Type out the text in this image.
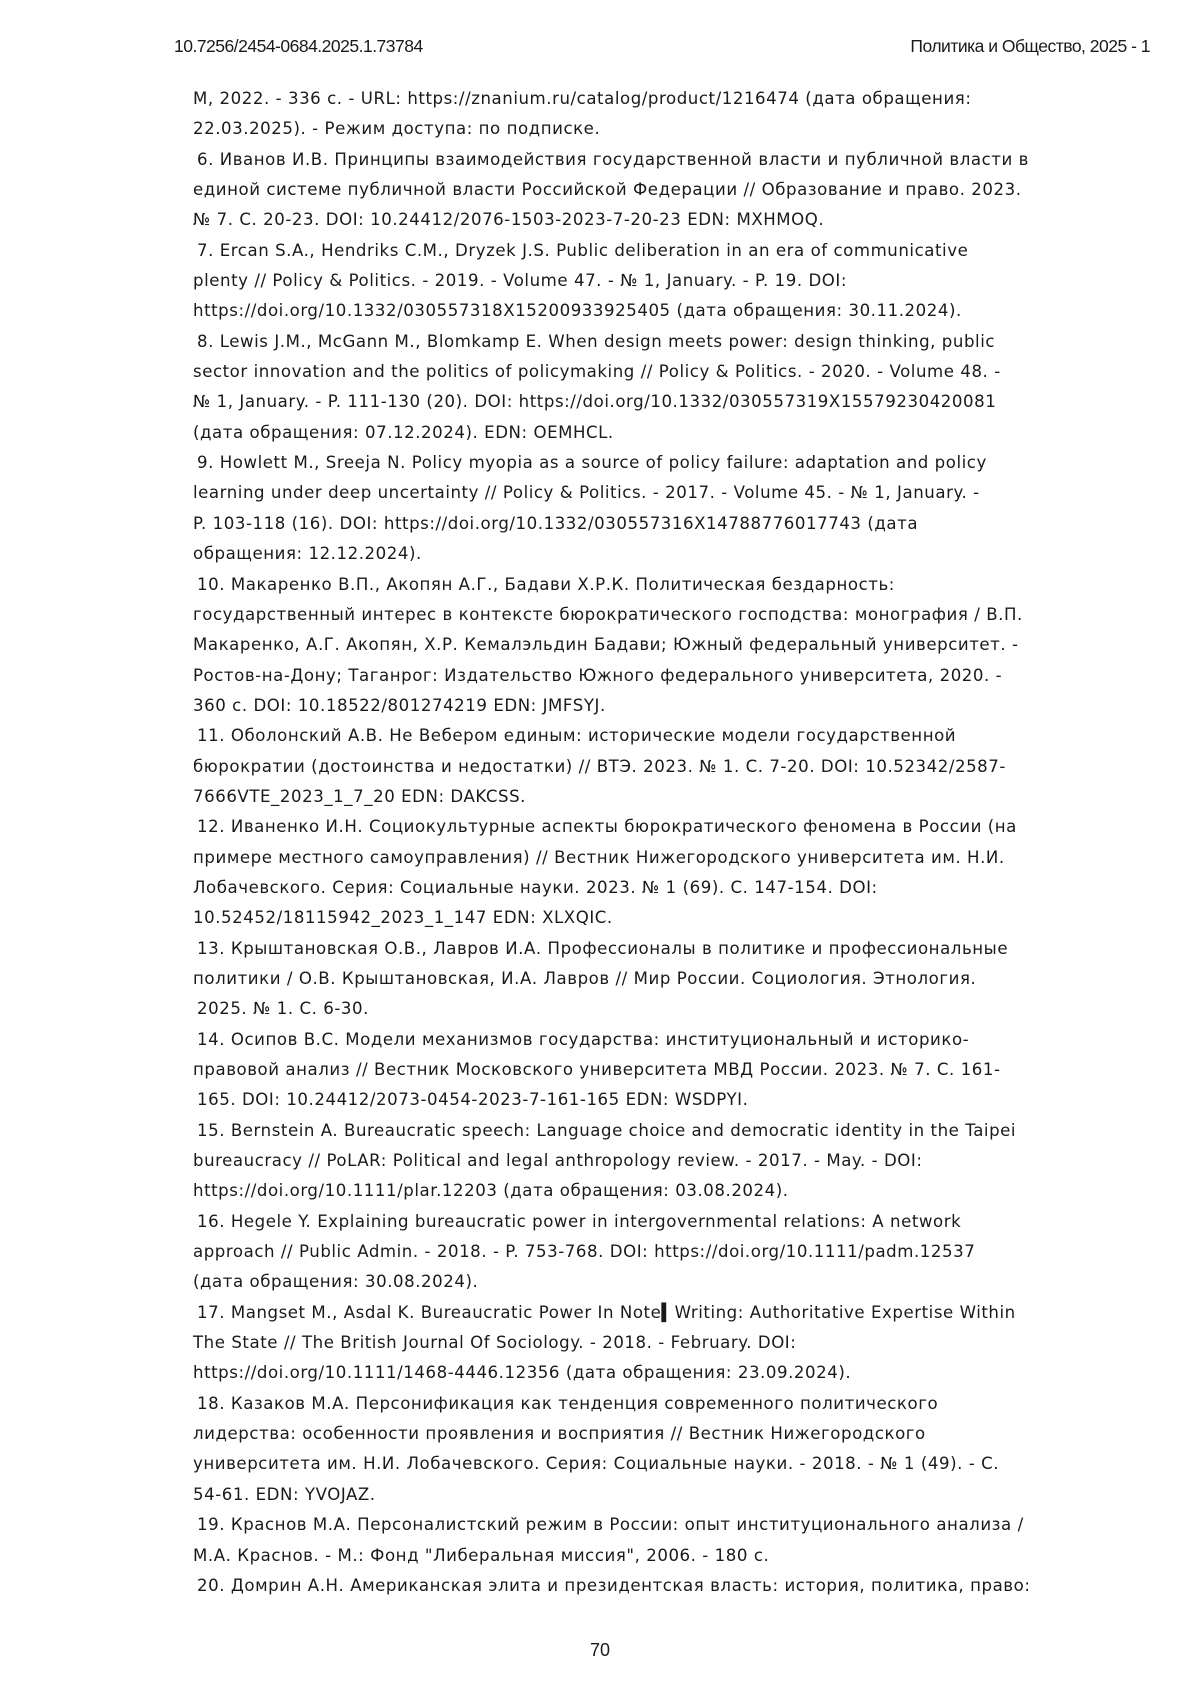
10.7256/2454-0684.2025.1.73784	Политика и Общество, 2025 - 1
М, 2022. - 336 с. - URL: https://znanium.ru/catalog/product/1216474 (дата обращения:
22.03.2025). - Режим доступа: по подписке.
6. Иванов И.В. Принципы взаимодействия государственной власти и публичной власти в
единой системе публичной власти Российской Федерации // Образование и право. 2023.
№ 7. С. 20-23. DOI: 10.24412/2076-1503-2023-7-20-23 EDN: MXHMOQ.
7. Ercan S.A., Hendriks C.M., Dryzek J.S. Public deliberation in an era of communicative
plenty // Policy & Politics. - 2019. - Volume 47. - № 1, January. - P. 19. DOI:
https://doi.org/10.1332/030557318X15200933925405 (дата обращения: 30.11.2024).
8. Lewis J.M., McGann M., Blomkamp E. When design meets power: design thinking, public
sector innovation and the politics of policymaking // Policy & Politics. - 2020. - Volume 48. -
№ 1, January. - P. 111-130 (20). DOI: https://doi.org/10.1332/030557319X15579230420081
(дата обращения: 07.12.2024). EDN: OEMHCL.
9. Howlett M., Sreeja N. Policy myopia as a source of policy failure: adaptation and policy
learning under deep uncertainty // Policy & Politics. - 2017. - Volume 45. - № 1, January. -
P. 103-118 (16). DOI: https://doi.org/10.1332/030557316X14788776017743 (дата
обращения: 12.12.2024).
10. Макаренко В.П., Акопян А.Г., Бадави Х.Р.К. Политическая бездарность:
государственный интерес в контексте бюрократического господства: монография / В.П.
Макаренко, А.Г. Акопян, Х.Р. Кемалэльдин Бадави; Южный федеральный университет. -
Ростов-на-Дону; Таганрог: Издательство Южного федерального университета, 2020. -
360 с. DOI: 10.18522/801274219 EDN: JMFSYJ.
11. Оболонский А.В. Не Вебером единым: исторические модели государственной
бюрократии (достоинства и недостатки) // ВТЭ. 2023. № 1. С. 7-20. DOI: 10.52342/2587-
7666VTE_2023_1_7_20 EDN: DAKCSS.
12. Иваненко И.Н. Социокультурные аспекты бюрократического феномена в России (на
примере местного самоуправления) // Вестник Нижегородского университета им. Н.И.
Лобачевского. Серия: Социальные науки. 2023. № 1 (69). С. 147-154. DOI:
10.52452/18115942_2023_1_147 EDN: XLXQIC.
13. Крыштановская О.В., Лавров И.А. Профессионалы в политике и профессиональные
политики / О.В. Крыштановская, И.А. Лавров // Мир России. Социология. Этнология.
2025. № 1. С. 6-30.
14. Осипов В.С. Модели механизмов государства: институциональный и историко-
правовой анализ // Вестник Московского университета МВД России. 2023. № 7. С. 161-
165. DOI: 10.24412/2073-0454-2023-7-161-165 EDN: WSDPYI.
15. Bernstein A. Bureaucratic speech: Language choice and democratic identity in the Taipei
bureaucracy // PoLAR: Political and legal anthropology review. - 2017. - May. - DOI:
https://doi.org/10.1111/plar.12203 (дата обращения: 03.08.2024).
16. Hegele Y. Explaining bureaucratic power in intergovernmental relations: A network
approach // Public Admin. - 2018. - P. 753-768. DOI: https://doi.org/10.1111/padm.12537
(дата обращения: 30.08.2024).
17. Mangset M., Asdal K. Bureaucratic Power In Note▍Writing: Authoritative Expertise Within
The State // The British Journal Of Sociology. - 2018. - February. DOI:
https://doi.org/10.1111/1468-4446.12356 (дата обращения: 23.09.2024).
18. Казаков М.А. Персонификация как тенденция современного политического
лидерства: особенности проявления и восприятия // Вестник Нижегородского
университета им. Н.И. Лобачевского. Серия: Социальные науки. - 2018. - № 1 (49). - С.
54-61. EDN: YVOJAZ.
19. Краснов М.А. Персоналистский режим в России: опыт институционального анализа /
М.А. Краснов. - М.: Фонд "Либеральная миссия", 2006. - 180 с.
20. Домрин А.Н. Американская элита и президентская власть: история, политика, право:
70
